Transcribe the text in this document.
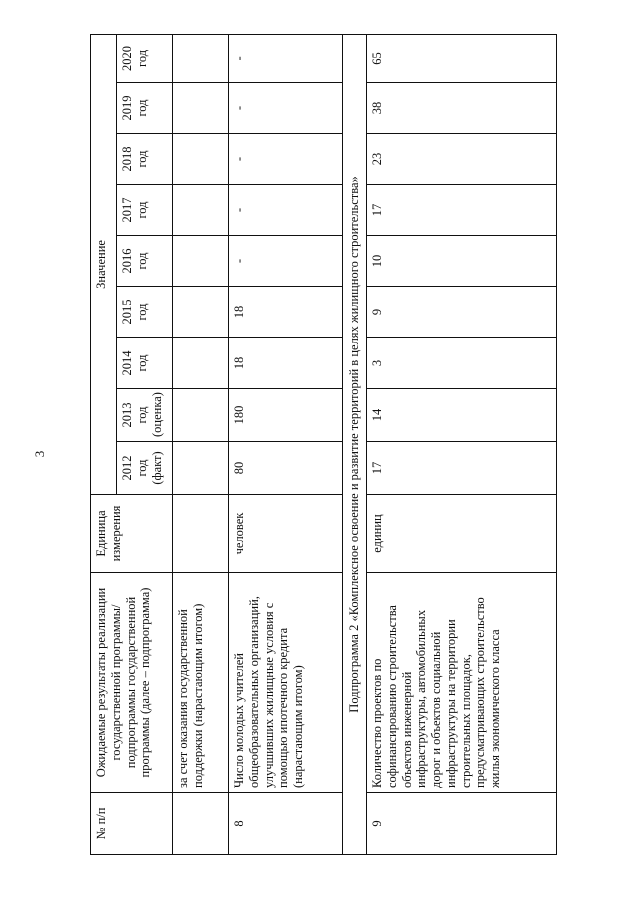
3
№ п/п	Ожидаемые результаты реализации государственной программы/подпрограммы государственной программы (далее – подпрограмма)	Единица измерения	Значение								
			2012 год (факт)	2013 год (оценка)	2014 год	2015 год	2016 год	2017 год	2018 год	2019 год	2020 год
	за счет оказания государственной поддержки (нарастающим итогом)										
8	Число молодых учителей общеобразовательных организаций, улучшивших жилищные условия с помощью ипотечного кредита (нарастающим итогом)	человек	80	180	18	18	-	-	-	-	-
Подпрограмма 2 «Комплексное освоение и развитие территорий в целях жилищного строительства»											
9	Количество проектов по софинансированию строительства объектов инженерной инфраструктуры, автомобильных дорог и объектов социальной инфраструктуры на территории строительных площадок, предусматривающих строительство жилья экономического класса	единиц	17	14	3	9	10	17	23	38	65
